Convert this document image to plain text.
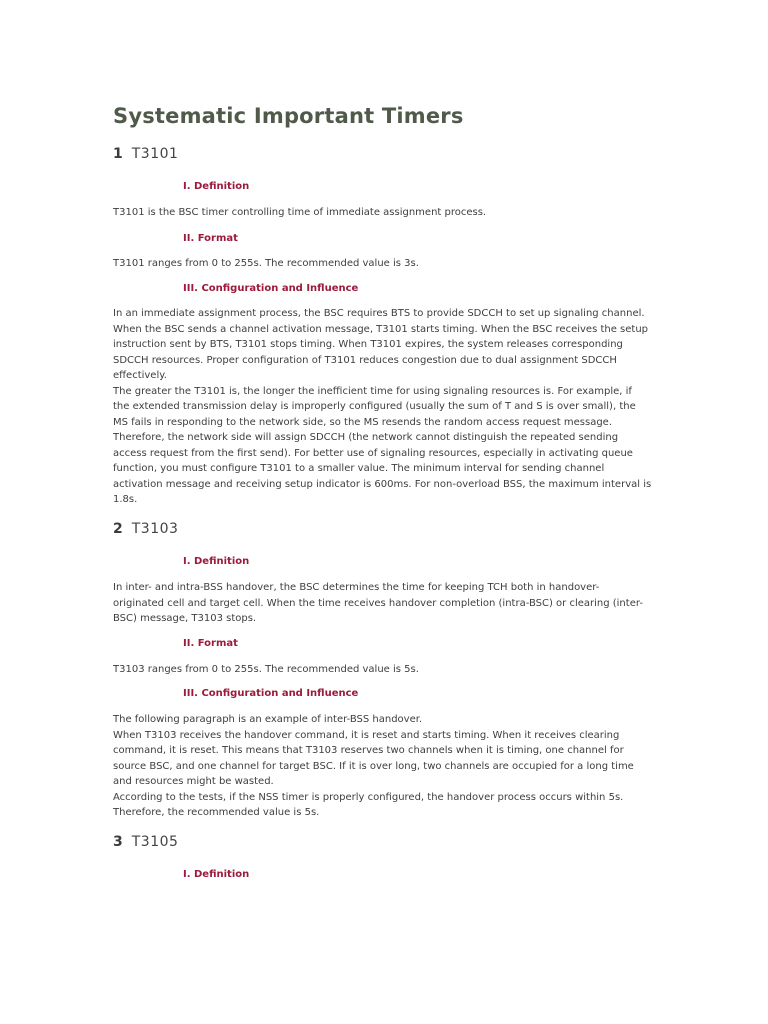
Systematic Important Timers
1 T3101
I. Definition

T3101 is the BSC timer controlling time of immediate assignment process.

II. Format

T3101 ranges from 0 to 255s. The recommended value is 3s.

III. Configuration and Influence

In an immediate assignment process, the BSC requires BTS to provide SDCCH to set up signaling channel.
When the BSC sends a channel activation message, T3101 starts timing. When the BSC receives the setup
instruction sent by BTS, T3101 stops timing. When T3101 expires, the system releases corresponding
SDCCH resources. Proper configuration of T3101 reduces congestion due to dual assignment SDCCH
effectively.
The greater the T3101 is, the longer the inefficient time for using signaling resources is. For example, if
the extended transmission delay is improperly configured (usually the sum of T and S is over small), the
MS fails in responding to the network side, so the MS resends the random access request message.
Therefore, the network side will assign SDCCH (the network cannot distinguish the repeated sending
access request from the first send). For better use of signaling resources, especially in activating queue
function, you must configure T3101 to a smaller value. The minimum interval for sending channel
activation message and receiving setup indicator is 600ms. For non-overload BSS, the maximum interval is
1.8s.

2 T3103
I. Definition

In inter- and intra-BSS handover, the BSC determines the time for keeping TCH both in handover-
originated cell and target cell. When the time receives handover completion (intra-BSC) or clearing (inter-
BSC) message, T3103 stops.

II. Format

T3103 ranges from 0 to 255s. The recommended value is 5s.

III. Configuration and Influence

The following paragraph is an example of inter-BSS handover.
When T3103 receives the handover command, it is reset and starts timing. When it receives clearing
command, it is reset. This means that T3103 reserves two channels when it is timing, one channel for
source BSC, and one channel for target BSC. If it is over long, two channels are occupied for a long time
and resources might be wasted.
According to the tests, if the NSS timer is properly configured, the handover process occurs within 5s.
Therefore, the recommended value is 5s.

3 T3105
I. Definition
